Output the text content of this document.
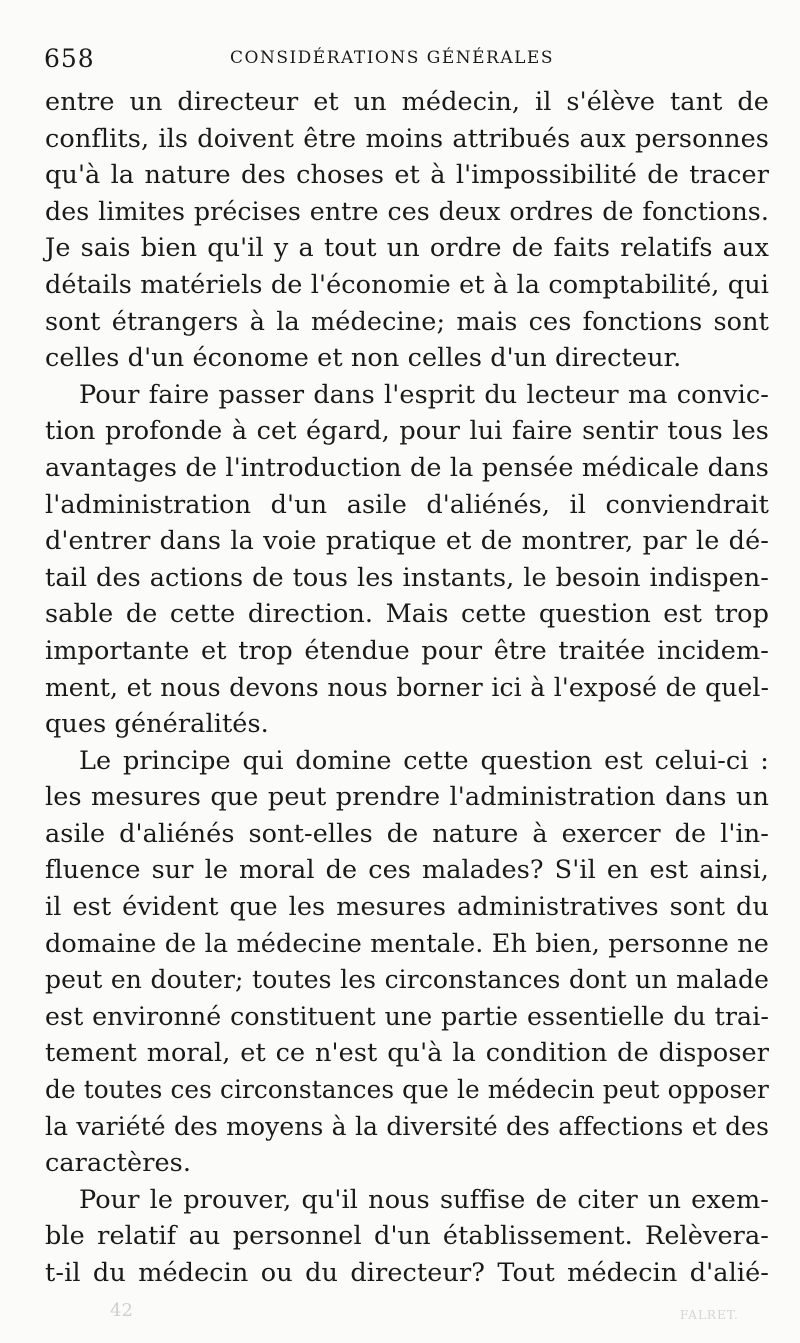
658	CONSIDÉRATIONS GÉNÉRALES
entre un directeur et un médecin, il s'élève tant de
conflits, ils doivent être moins attribués aux personnes
qu'à la nature des choses et à l'impossibilité de tracer
des limites précises entre ces deux ordres de fonctions.
Je sais bien qu'il y a tout un ordre de faits relatifs aux
détails matériels de l'économie et à la comptabilité, qui
sont étrangers à la médecine; mais ces fonctions sont
celles d'un économe et non celles d'un directeur.
Pour faire passer dans l'esprit du lecteur ma convic-
tion profonde à cet égard, pour lui faire sentir tous les
avantages de l'introduction de la pensée médicale dans
l'administration d'un asile d'aliénés, il conviendrait
d'entrer dans la voie pratique et de montrer, par le dé-
tail des actions de tous les instants, le besoin indispen-
sable de cette direction. Mais cette question est trop
importante et trop étendue pour être traitée incidem-
ment, et nous devons nous borner ici à l'exposé de quel-
ques généralités.
Le principe qui domine cette question est celui-ci :
les mesures que peut prendre l'administration dans un
asile d'aliénés sont-elles de nature à exercer de l'in-
fluence sur le moral de ces malades? S'il en est ainsi,
il est évident que les mesures administratives sont du
domaine de la médecine mentale. Eh bien, personne ne
peut en douter; toutes les circonstances dont un malade
est environné constituent une partie essentielle du trai-
tement moral, et ce n'est qu'à la condition de disposer
de toutes ces circonstances que le médecin peut opposer
la variété des moyens à la diversité des affections et des
caractères.
Pour le prouver, qu'il nous suffise de citer un exem-
ble relatif au personnel d'un établissement. Relèvera-
t-il du médecin ou du directeur? Tout médecin d'alié-
42	FALRET.
